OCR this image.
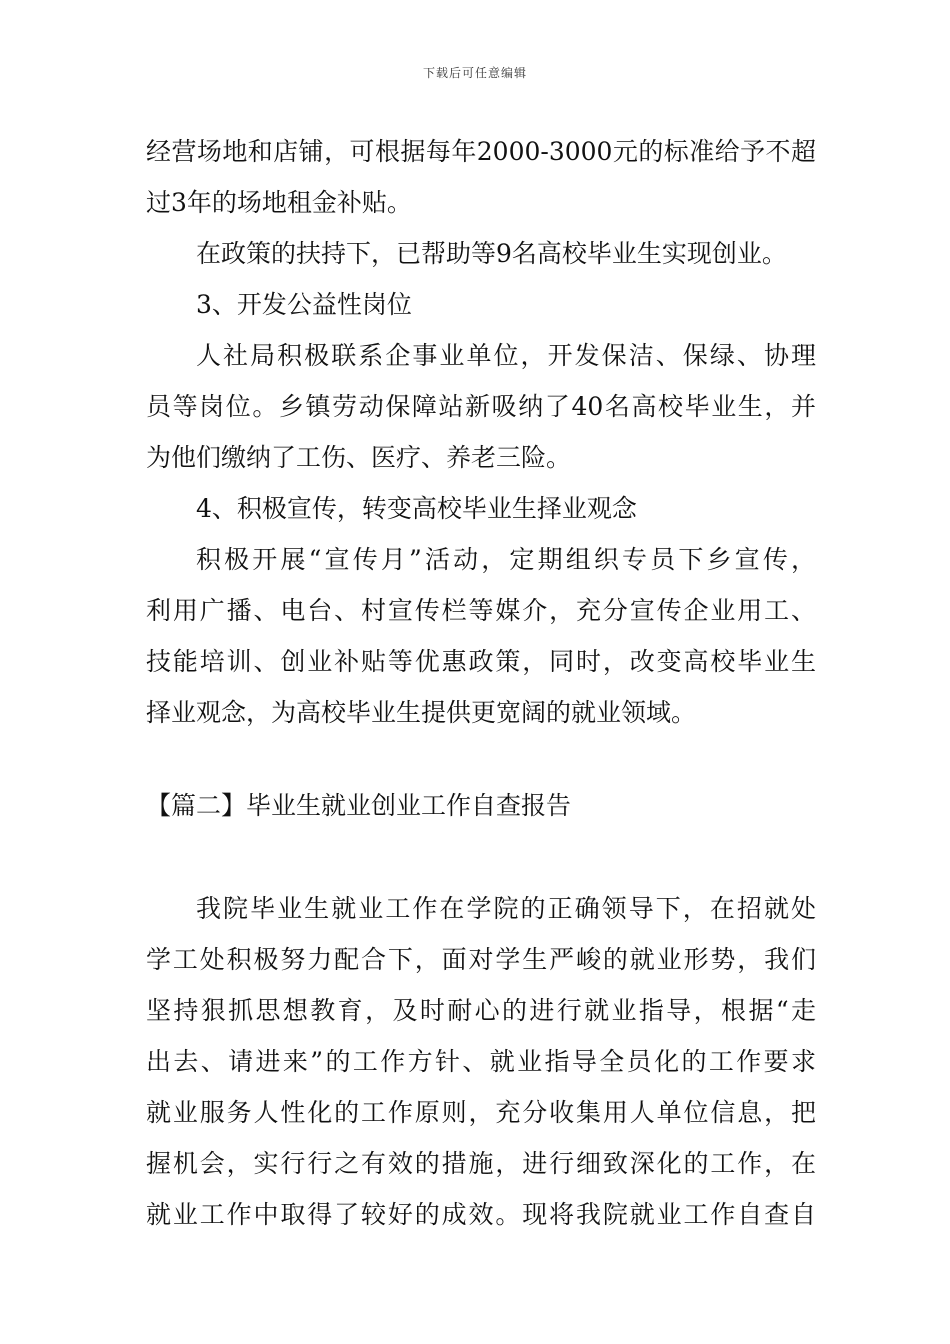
下载后可任意编辑
经营场地和店铺，可根据每年2000-3000元的标准给予不超
过3年的场地租金补贴。
在政策的扶持下，已帮助等9名高校毕业生实现创业。
3、开发公益性岗位
人社局积极联系企事业单位，开发保洁、保绿、协理
员等岗位。乡镇劳动保障站新吸纳了40名高校毕业生，并
为他们缴纳了工伤、医疗、养老三险。
4、积极宣传，转变高校毕业生择业观念
积极开展“宣传月”活动，定期组织专员下乡宣传，
利用广播、电台、村宣传栏等媒介，充分宣传企业用工、
技能培训、创业补贴等优惠政策，同时，改变高校毕业生
择业观念，为高校毕业生提供更宽阔的就业领域。
【篇二】毕业生就业创业工作自查报告
我院毕业生就业工作在学院的正确领导下，在招就处
学工处积极努力配合下，面对学生严峻的就业形势，我们
坚持狠抓思想教育，及时耐心的进行就业指导，根据“走
出去、请进来”的工作方针、就业指导全员化的工作要求
就业服务人性化的工作原则，充分收集用人单位信息，把
握机会，实行行之有效的措施，进行细致深化的工作，在
就业工作中取得了较好的成效。现将我院就业工作自查自
